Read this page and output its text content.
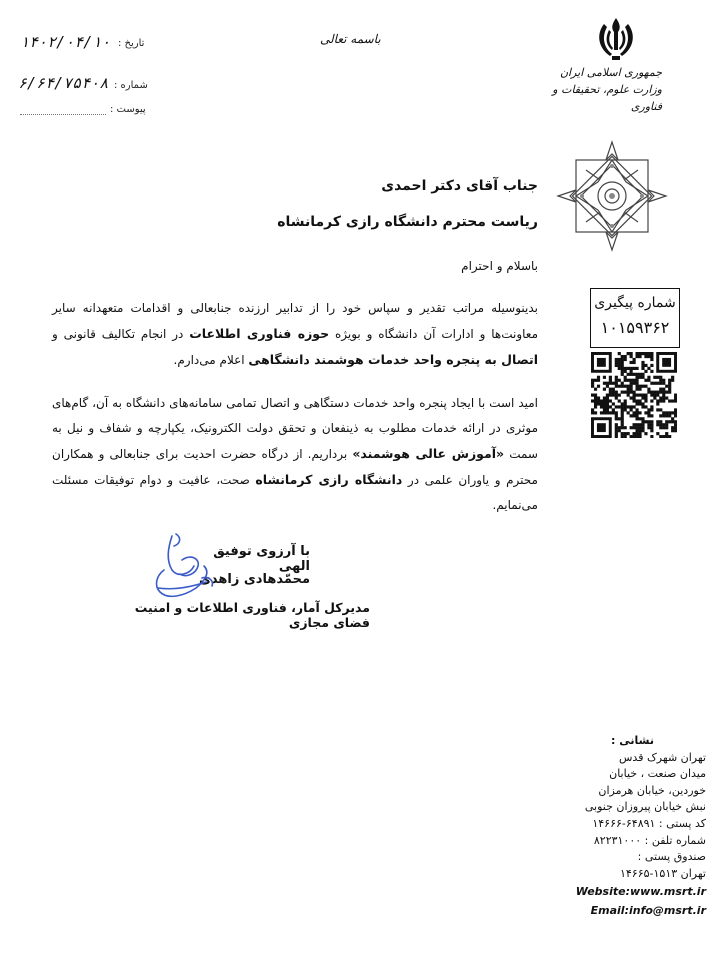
تاریخ :
۱۴۰۲/۰۴/۱۰
شماره :
۶/۶۴/۷۵۴۰۸
پیوست :
باسمه تعالی
جمهوری اسلامی ایران
وزارت علوم، تحقیقات و فناوری
جناب آقای دکتر احمدی
ریاست محترم دانشگاه رازی کرمانشاه
باسلام و احترام
بدینوسیله مراتب تقدیر و سپاس خود را از تدابیر ارزنده جنابعالی و اقدامات متعهدانه سایر معاونت‌ها و ادارات آن دانشگاه و بویژه حوزه فناوری اطلاعات در انجام تکالیف قانونی و اتصال به پنجره واحد خدمات هوشمند دانشگاهی اعلام می‌دارم.
امید است با ایجاد پنجره واحد خدمات دستگاهی و اتصال تمامی سامانه‌های دانشگاه به آن، گام‌های موثری در ارائه خدمات مطلوب به ذینفعان و تحقق دولت الکترونیک، یکپارچه و شفاف و نیل به سمت «آموزش عالی هوشمند» برداریم. از درگاه حضرت احدیت برای جنابعالی و همکاران محترم و یاوران علمی در دانشگاه رازی کرمانشاه صحت، عافیت و دوام توفیقات مسئلت می‌نمایم.
با آرزوی توفیق الهی
محمّدهادی زاهدی
مدیرکل آمار، فناوری اطلاعات و امنیت فضای مجازی
شماره پیگیری
۱۰۱۵۹۳۶۲
نشانی :
تهران شهرک قدس
میدان صنعت ، خیابان
خوردین، خیابان هرمزان
نبش خیابان پیروزان جنوبی
کد پستی : ۶۴۸۹۱-۱۴۶۶۶
شماره تلفن : ۸۲۲۳۱۰۰۰
صندوق پستی :
تهران ۱۵۱۳-۱۴۶۶۵
Website:www.msrt.ir
Email:info@msrt.ir
